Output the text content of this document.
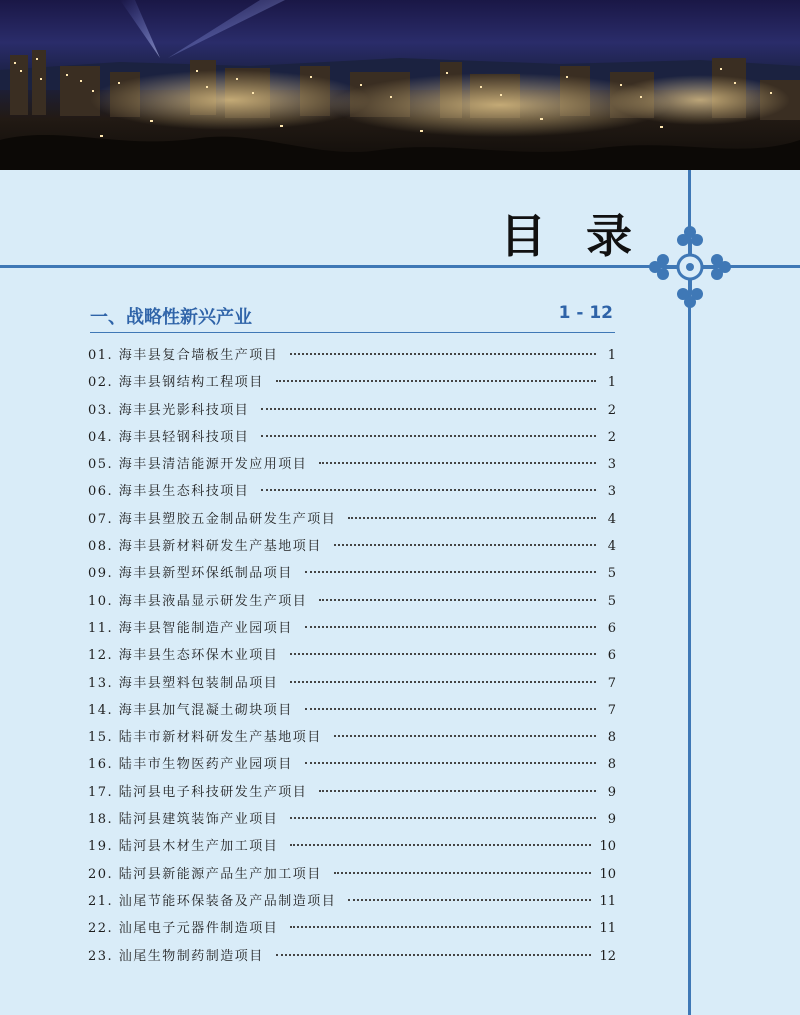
目 录
一、战略性新兴产业	1 - 12
01. 海丰县复合墙板生产项目	1
02. 海丰县钢结构工程项目	1
03. 海丰县光影科技项目	2
04. 海丰县轻钢科技项目	2
05. 海丰县清洁能源开发应用项目	3
06. 海丰县生态科技项目	3
07. 海丰县塑胶五金制品研发生产项目	4
08. 海丰县新材料研发生产基地项目	4
09. 海丰县新型环保纸制品项目	5
10. 海丰县液晶显示研发生产项目	5
11. 海丰县智能制造产业园项目	6
12. 海丰县生态环保木业项目	6
13. 海丰县塑料包装制品项目	7
14. 海丰县加气混凝土砌块项目	7
15. 陆丰市新材料研发生产基地项目	8
16. 陆丰市生物医药产业园项目	8
17. 陆河县电子科技研发生产项目	9
18. 陆河县建筑装饰产业项目	9
19. 陆河县木材生产加工项目	10
20. 陆河县新能源产品生产加工项目	10
21. 汕尾节能环保装备及产品制造项目	11
22. 汕尾电子元器件制造项目	11
23. 汕尾生物制药制造项目	12
